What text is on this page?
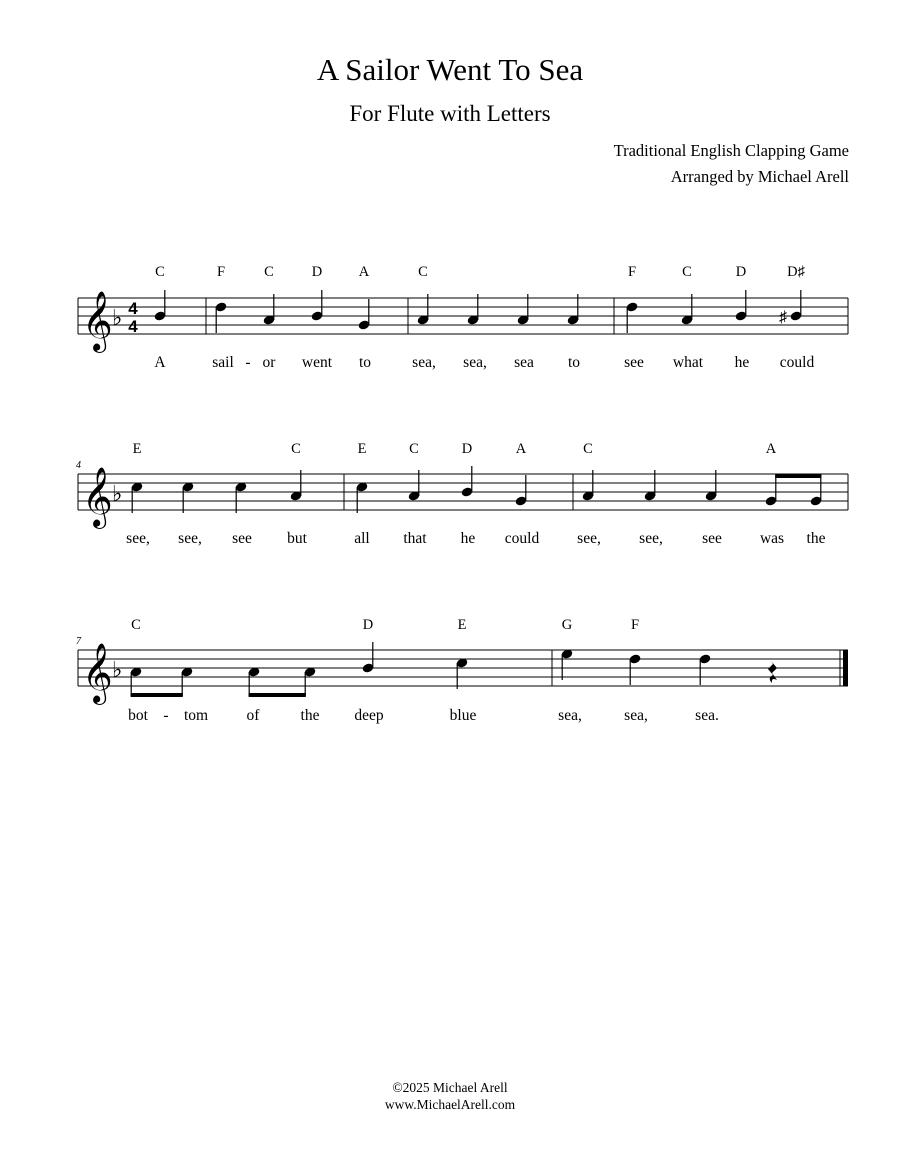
A Sailor Went To Sea
For Flute with Letters
Traditional English Clapping Game
Arranged by Michael Arell
𝄞 ♭ 4
4	♯
C	F	C	D	A	C	F	C	D	D♯
A	sail - or went to	sea, sea, sea to	see what he could
4
𝄞 ♭
E	C	E	C	D	A	C	A
see, see, see but	all that he could see, see,	see was the
7
𝄞 ♭
C	D	E	G	F
bot - tom of	the deep	blue	sea,	sea,	sea.
©2025 Michael Arell
www.MichaelArell.com
